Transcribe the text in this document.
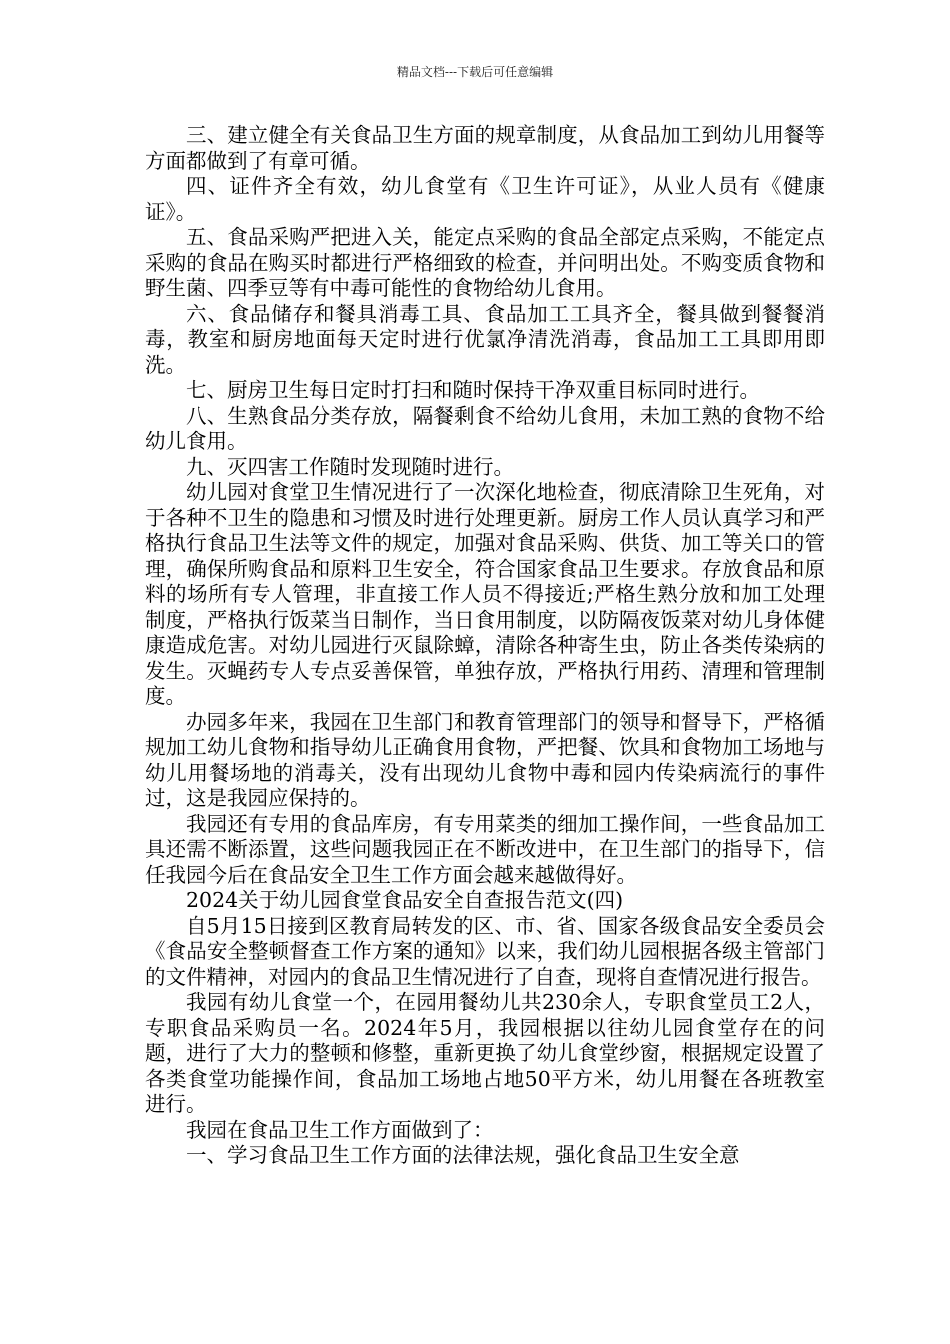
精品文档---下载后可任意编辑

三、建立健全有关食品卫生方面的规章制度，从食品加工到幼儿用餐等方面都做到了有章可循。

四、证件齐全有效，幼儿食堂有《卫生许可证》，从业人员有《健康证》。

五、食品采购严把进入关，能定点采购的食品全部定点采购，不能定点采购的食品在购买时都进行严格细致的检查，并问明出处。不购变质食物和野生菌、四季豆等有中毒可能性的食物给幼儿食用。

六、食品储存和餐具消毒工具、食品加工工具齐全，餐具做到餐餐消毒，教室和厨房地面每天定时进行优氯净清洗消毒，食品加工工具即用即洗。

七、厨房卫生每日定时打扫和随时保持干净双重目标同时进行。

八、生熟食品分类存放，隔餐剩食不给幼儿食用，未加工熟的食物不给幼儿食用。

九、灭四害工作随时发现随时进行。

幼儿园对食堂卫生情况进行了一次深化地检查，彻底清除卫生死角，对于各种不卫生的隐患和习惯及时进行处理更新。厨房工作人员认真学习和严格执行食品卫生法等文件的规定，加强对食品采购、供货、加工等关口的管理，确保所购食品和原料卫生安全，符合国家食品卫生要求。存放食品和原料的场所有专人管理，非直接工作人员不得接近;严格生熟分放和加工处理制度，严格执行饭菜当日制作，当日食用制度，以防隔夜饭菜对幼儿身体健康造成危害。对幼儿园进行灭鼠除蟑，清除各种寄生虫，防止各类传染病的发生。灭蝇药专人专点妥善保管，单独存放，严格执行用药、清理和管理制度。

办园多年来，我园在卫生部门和教育管理部门的领导和督导下，严格循规加工幼儿食物和指导幼儿正确食用食物，严把餐、饮具和食物加工场地与幼儿用餐场地的消毒关，没有出现幼儿食物中毒和园内传染病流行的事件过，这是我园应保持的。

我园还有专用的食品库房，有专用菜类的细加工操作间，一些食品加工具还需不断添置，这些问题我园正在不断改进中，在卫生部门的指导下，信任我园今后在食品安全卫生工作方面会越来越做得好。

2024关于幼儿园食堂食品安全自查报告范文(四)

自5月15日接到区教育局转发的区、市、省、国家各级食品安全委员会《食品安全整顿督查工作方案的通知》以来，我们幼儿园根据各级主管部门的文件精神，对园内的食品卫生情况进行了自查，现将自查情况进行报告。

我园有幼儿食堂一个，在园用餐幼儿共230余人，专职食堂员工2人，专职食品采购员一名。2024年5月，我园根据以往幼儿园食堂存在的问题，进行了大力的整顿和修整，重新更换了幼儿食堂纱窗，根据规定设置了各类食堂功能操作间，食品加工场地占地50平方米，幼儿用餐在各班教室进行。

我园在食品卫生工作方面做到了：

一、学习食品卫生工作方面的法律法规，强化食品卫生安全意
